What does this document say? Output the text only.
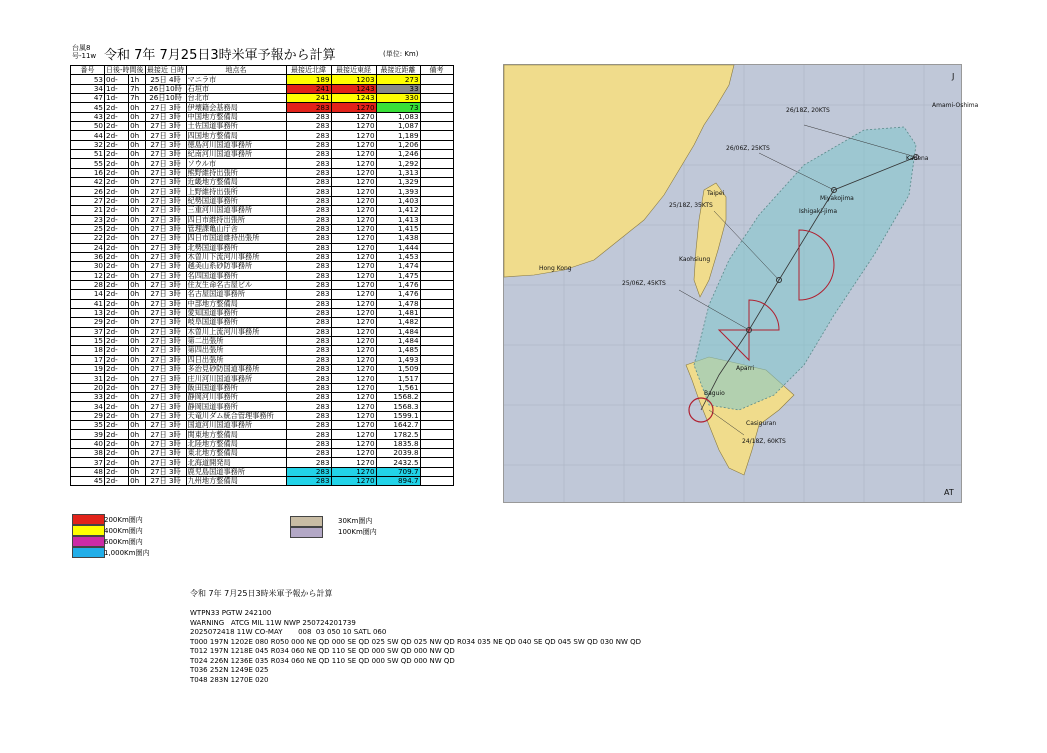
台風8
号-11w 令和 7年 7月25日3時米軍予報から計算	(単位: Km)
番号	日後-時間後		最接近 日時	地点名	最接近北緯	最接近東経	最接近距離	備考
53	0d-	1h	25日 4時	マニラ市	189	1203	273	
34	1d-	7h	26日10時	石垣市	241	1243	33	
47	1d-	7h	26日10時	台北市	241	1243	330	
45	2d-	0h	27日 3時	伊壊籍会基務局	283	1270	73	
43	2d-	0h	27日 3時	中国地方整備局	283	1270	1,083	
50	2d-	0h	27日 3時	土佐国道事務所	283	1270	1,087	
44	2d-	0h	27日 3時	四国地方整備局	283	1270	1,189	
32	2d-	0h	27日 3時	徳島河川国道事務所	283	1270	1,206	
51	2d-	0h	27日 3時	紀南河川国道事務所	283	1270	1,246	
55	2d-	0h	27日 3時	ソウル市	283	1270	1,292	
16	2d-	0h	27日 3時	熊野維持出張所	283	1270	1,313	
42	2d-	0h	27日 3時	近畿地方整備局	283	1270	1,329	
26	2d-	0h	27日 3時	上野維持出張所	283	1270	1,393	
27	2d-	0h	27日 3時	紀勢国道事務所	283	1270	1,403	
21	2d-	0h	27日 3時	三重河川国道事務所	283	1270	1,412	
23	2d-	0h	27日 3時	四日市維持出張所	283	1270	1,413	
25	2d-	0h	27日 3時	管理課亀山庁舎	283	1270	1,415	
22	2d-	0h	27日 3時	四日市国道維持出張所	283	1270	1,438	
24	2d-	0h	27日 3時	北勢国道事務所	283	1270	1,444	
36	2d-	0h	27日 3時	木曽川下流河川事務所	283	1270	1,453	
30	2d-	0h	27日 3時	越美山系砂防事務所	283	1270	1,474	
12	2d-	0h	27日 3時	名四国道事務所	283	1270	1,475	
28	2d-	0h	27日 3時	住友生命名古屋ビル	283	1270	1,476	
14	2d-	0h	27日 3時	名古屋国道事務所	283	1270	1,476	
41	2d-	0h	27日 3時	中部地方整備局	283	1270	1,478	
13	2d-	0h	27日 3時	愛知国道事務所	283	1270	1,481	
29	2d-	0h	27日 3時	岐阜国道事務所	283	1270	1,482	
37	2d-	0h	27日 3時	木曽川上流河川事務所	283	1270	1,484	
15	2d-	0h	27日 3時	第二出張所	283	1270	1,484	
18	2d-	0h	27日 3時	第四出張所	283	1270	1,485	
17	2d-	0h	27日 3時	四日出張所	283	1270	1,493	
19	2d-	0h	27日 3時	多治見砂防国道事務所	283	1270	1,509	
31	2d-	0h	27日 3時	庄川河川国道事務所	283	1270	1,517	
20	2d-	0h	27日 3時	飯田国道事務所	283	1270	1,561	
33	2d-	0h	27日 3時	静岡河川事務所	283	1270	1568.2	
34	2d-	0h	27日 3時	静岡国道事務所	283	1270	1568.3	
29	2d-	0h	27日 3時	天竜川ダム統合管理事務所	283	1270	1599.1	
35	2d-	0h	27日 3時	国道河川国道事務所	283	1270	1642.7	
39	2d-	0h	27日 3時	関東地方整備局	283	1270	1782.5	
40	2d-	0h	27日 3時	北陸地方整備局	283	1270	1835.8	
38	2d-	0h	27日 3時	東北地方整備局	283	1270	2039.8	
37	2d-	0h	27日 3時	北海道開発局	283	1270	2432.5	
48	2d-	0h	27日 3時	鹿児島国道事務所	283	1270	709.7	
45	2d-	0h	27日 3時	九州地方整備局	283	1270	894.7	
200Km圏内
400Km圏内
600Km圏内
1,000Km圏内
30Km圏内
100Km圏内
令和 7年 7月25日3時米軍予報から計算
WTPN33 PGTW 242100
WARNING   ATCG MIL 11W NWP 250724201739
2025072418 11W CO-MAY       008  03 050 10 SATL 060
T000 197N 1202E 080 R050 000 NE QD 000 SE QD 025 SW QD 025 NW QD R034 035 NE QD 040 SE QD 045 SW QD 030 NW QD
T012 197N 1218E 045 R034 060 NE QD 110 SE QD 000 SW QD 000 NW QD
T024 226N 1236E 035 R034 060 NE QD 110 SE QD 000 SW QD 000 NW QD
T036 252N 1249E 025
T048 283N 1270E 020
26/18Z, 20KTS
26/06Z, 25KTS
25/18Z, 35KTS
25/06Z, 45KTS
24/18Z, 60KTS
Taipei
Kaohsiung
Hong Kong
Miyakojima
Ishigaki-jima
Kadena
Aparri
Baguio
Casiguran
Amami-Oshima
J
AT
